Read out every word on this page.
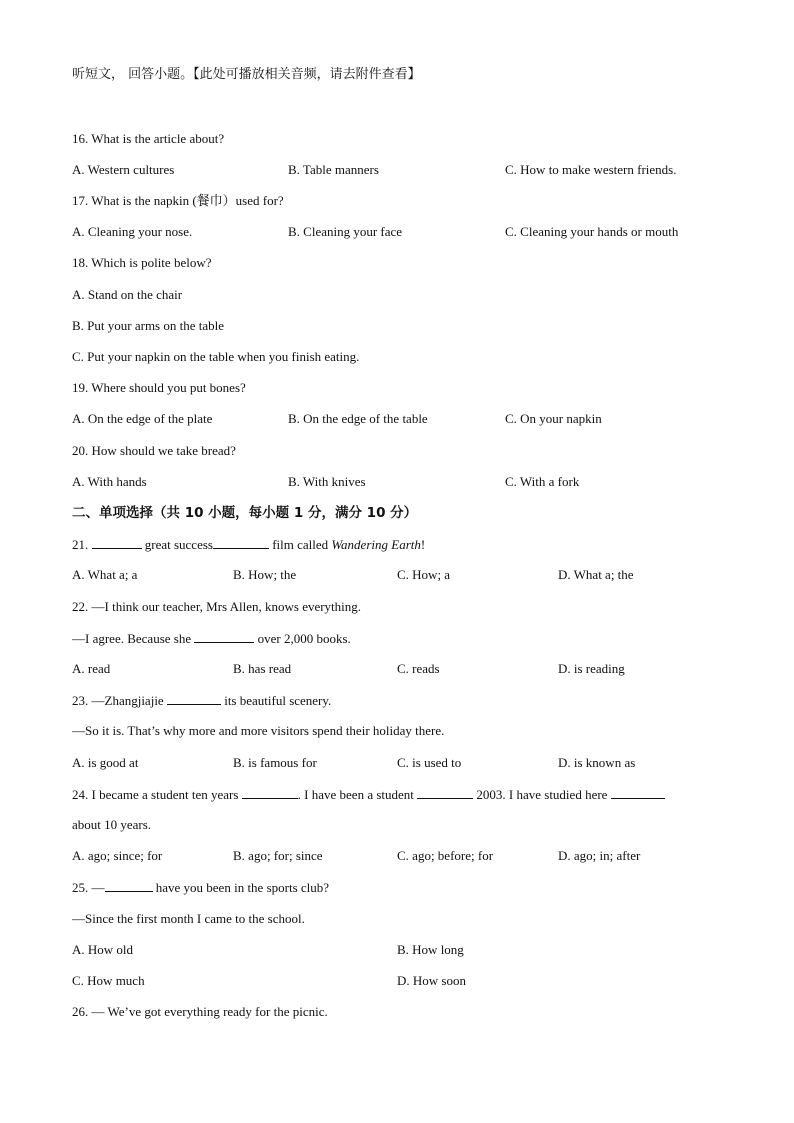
听短文， 回答小题。【此处可播放相关音频，请去附件查看】
16. What is the article about?
A. Western cultures	B. Table manners	C. How to make western friends.
17. What is the napkin (餐巾）used for?
A. Cleaning your nose.	B. Cleaning your face	C. Cleaning your hands or mouth
18. Which is polite below?
A. Stand on the chair
B. Put your arms on the table
C. Put your napkin on the table when you finish eating.
19. Where should you put bones?
A. On the edge of the plate	B. On the edge of the table	C. On your napkin
20. How should we take bread?
A. With hands	B. With knives	C. With a fork
二、单项选择（共 10 小题，每小题 1 分，满分 10 分）
21.	great success	film called Wandering Earth!
A. What a; a	B. How; the	C. How; a	D. What a; the
22. —I think our teacher, Mrs Allen, knows everything.
—I agree. Because she	over 2,000 books.
A. read	B. has read	C. reads	D. is reading
23. —Zhangjiajie	its beautiful scenery.
—So it is. That’s why more and more visitors spend their holiday there.
A. is good at	B. is famous for	C. is used to	D. is known as
24. I became a student ten years	. I have been a student	2003. I have studied here
about 10 years.
A. ago; since; for	B. ago; for; since	C. ago; before; for	D. ago; in; after
25. —	have you been in the sports club?
—Since the first month I came to the school.
A. How old	B. How long
C. How much	D. How soon
26. — We’ve got everything ready for the picnic.
